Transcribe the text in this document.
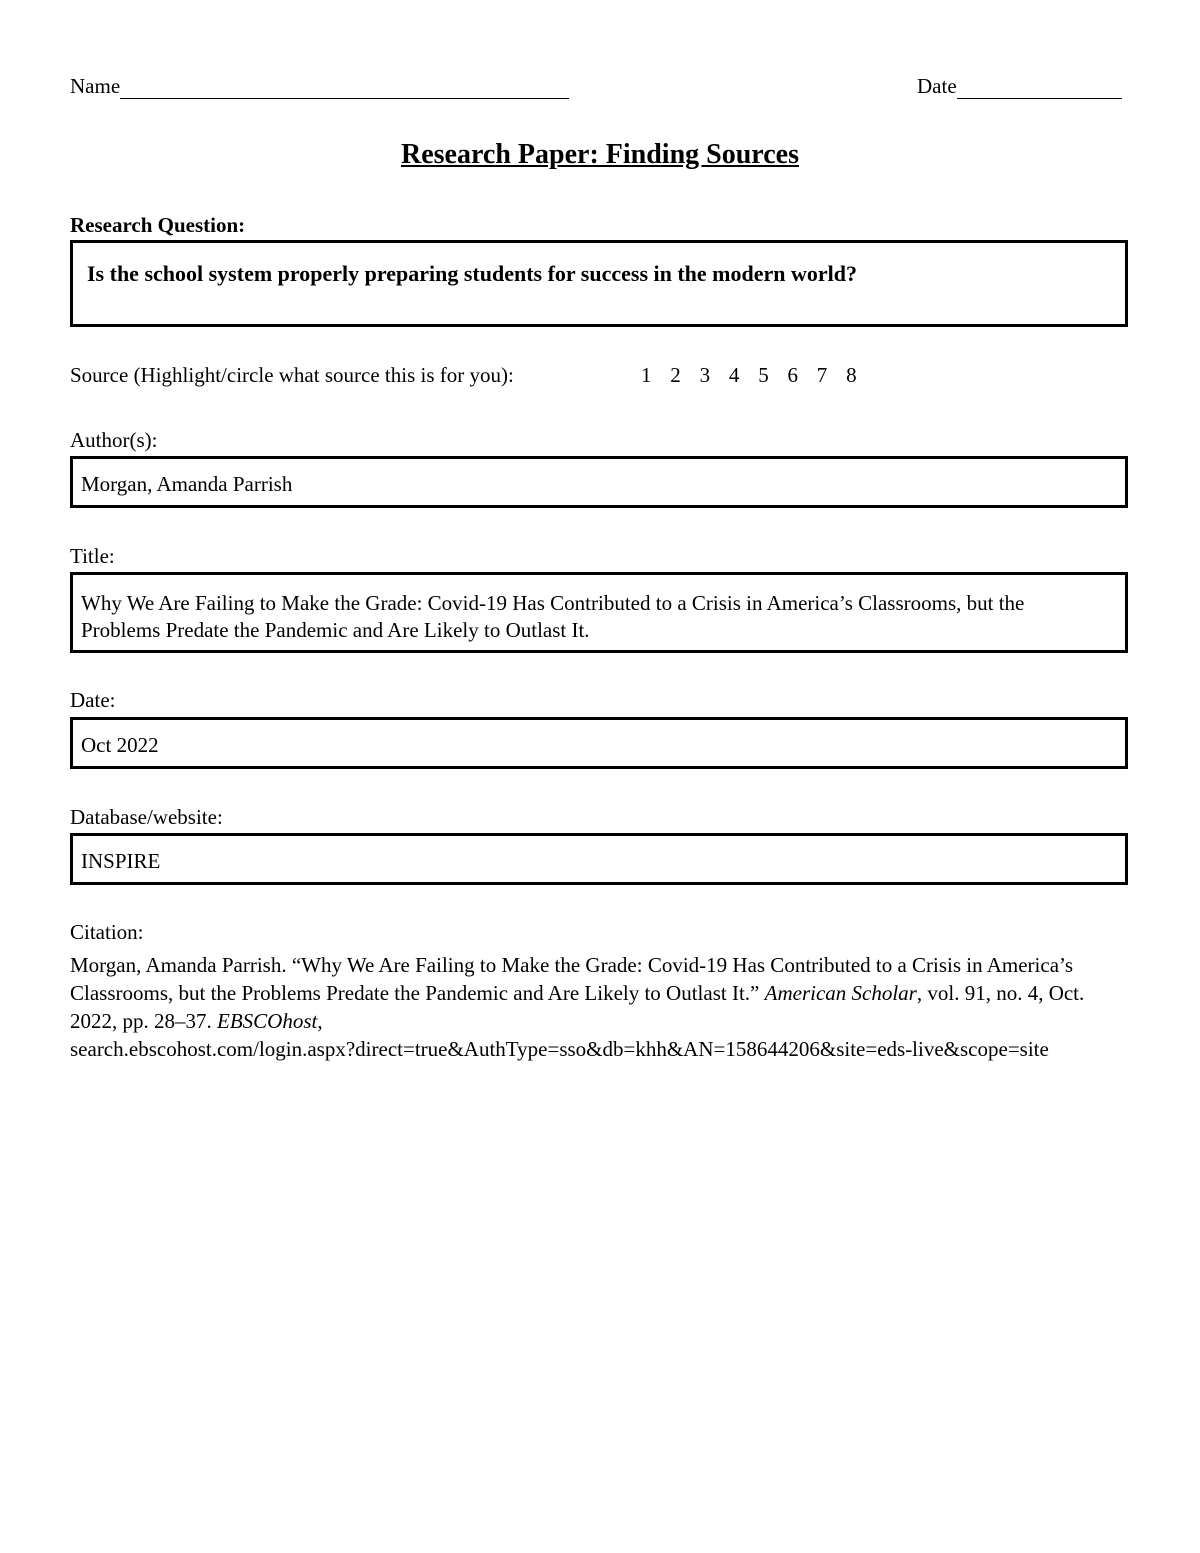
Name	Date
Research Paper: Finding Sources
Research Question:
Is the school system properly preparing students for success in the modern world?
Source (Highlight/circle what source this is for you):	1 2 3 4 5 6 7 8
Author(s):
Morgan, Amanda Parrish
Title:
Why We Are Failing to Make the Grade: Covid-19 Has Contributed to a Crisis in America’s Classrooms, but the Problems Predate the Pandemic and Are Likely to Outlast It.
Date:
Oct 2022
Database/website:
INSPIRE
Citation:
Morgan, Amanda Parrish. “Why We Are Failing to Make the Grade: Covid-19 Has Contributed to a Crisis in America’s Classrooms, but the Problems Predate the Pandemic and Are Likely to Outlast It.” American Scholar, vol. 91, no. 4, Oct. 2022, pp. 28–37. EBSCOhost,
search.ebscohost.com/login.aspx?direct=true&AuthType=sso&db=khh&AN=158644206&site=eds-live&scope=site
